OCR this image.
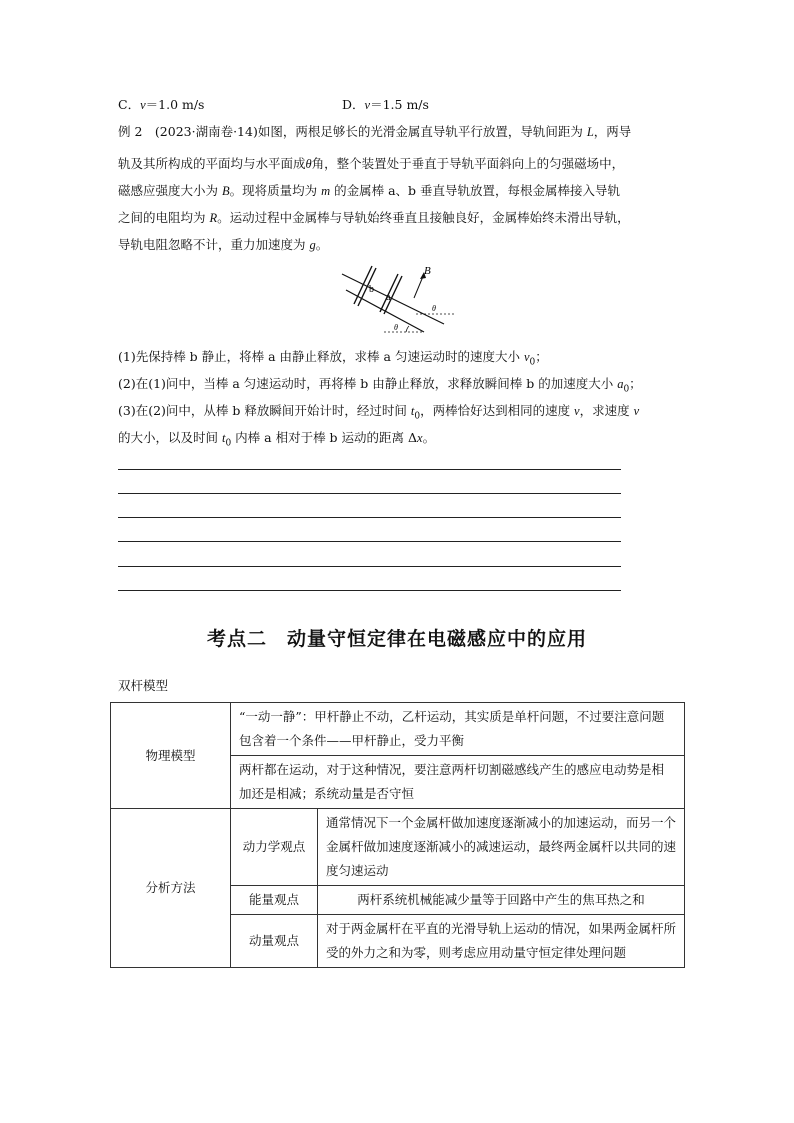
C．v＝1.0 m/s	D．v＝1.5 m/s
例 2　(2023·湖南卷·14)如图，两根足够长的光滑金属直导轨平行放置，导轨间距为 L，两导
轨及其所构成的平面均与水平面成θ角，整个装置处于垂直于导轨平面斜向上的匀强磁场中，
磁感应强度大小为 B。现将质量均为 m 的金属棒 a、b 垂直导轨放置，每根金属棒接入导轨
之间的电阻均为 R。运动过程中金属棒与导轨始终垂直且接触良好，金属棒始终未滑出导轨，
导轨电阻忽略不计，重力加速度为 g。
b
a
B
θ
θ
(1)先保持棒 b 静止，将棒 a 由静止释放，求棒 a 匀速运动时的速度大小 $v_0$；
(2)在(1)问中，当棒 a 匀速运动时，再将棒 b 由静止释放，求释放瞬间棒 b 的加速度大小 $a_0$；
(3)在(2)问中，从棒 b 释放瞬间开始计时，经过时间 $t_0$，两棒恰好达到相同的速度 v，求速度 v
的大小，以及时间 $t_0$ 内棒 a 相对于棒 b 运动的距离 Δx。
考点二　动量守恒定律在电磁感应中的应用
双杆模型
物理模型	“一动一静”：甲杆静止不动，乙杆运动，其实质是单杆问题，不过要注意问题包含着一个条件——甲杆静止，受力平衡	
	两杆都在运动，对于这种情况，要注意两杆切割磁感线产生的感应电动势是相加还是相减；系统动量是否守恒	
分析方法	动力学观点	通常情况下一个金属杆做加速度逐渐减小的加速运动，而另一个金属杆做加速度逐渐减小的减速运动，最终两金属杆以共同的速度匀速运动
	能量观点	两杆系统机械能减少量等于回路中产生的焦耳热之和
	动量观点	对于两金属杆在平直的光滑导轨上运动的情况，如果两金属杆所受的外力之和为零，则考虑应用动量守恒定律处理问题
